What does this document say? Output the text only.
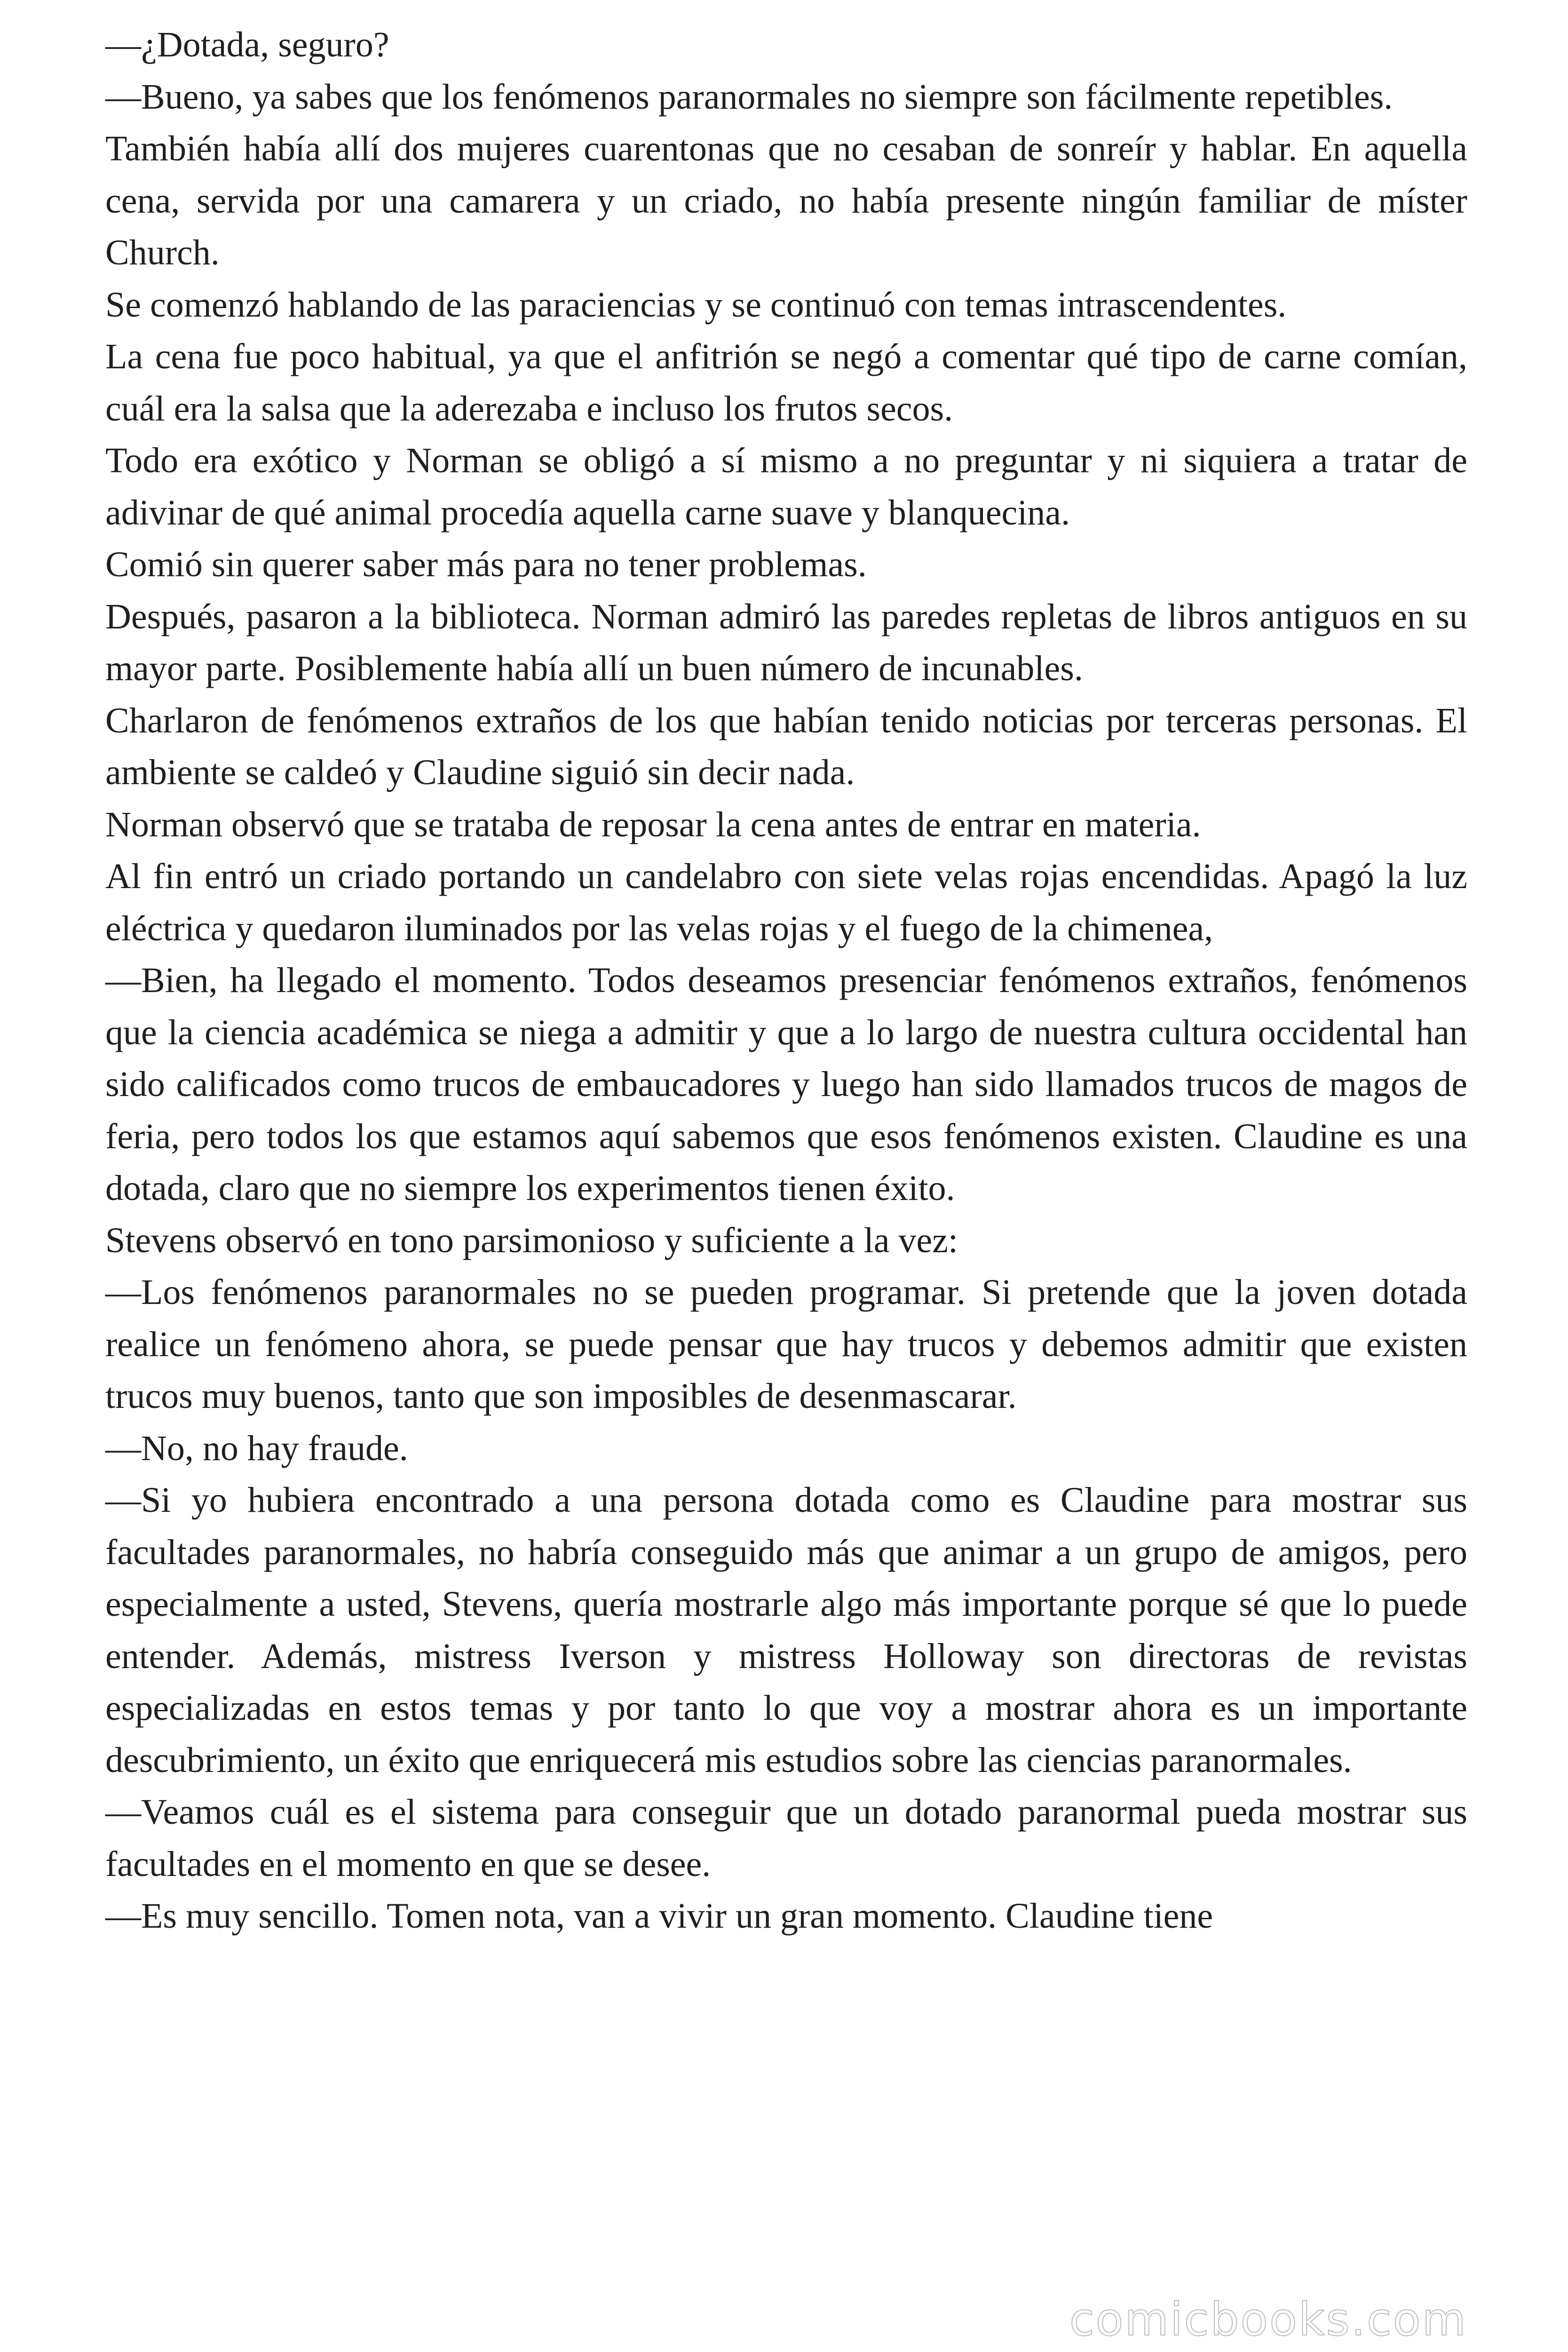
—¿Dotada, seguro?

—Bueno, ya sabes que los fenómenos paranormales no siempre son fácilmente repetibles.

También había allí dos mujeres cuarentonas que no cesaban de sonreír y hablar. En aquella cena, servida por una camarera y un criado, no había presente ningún familiar de míster Church.

Se comenzó hablando de las paraciencias y se continuó con temas intrascendentes.

La cena fue poco habitual, ya que el anfitrión se negó a comentar qué tipo de carne comían, cuál era la salsa que la aderezaba e incluso los frutos secos.

Todo era exótico y Norman se obligó a sí mismo a no preguntar y ni siquiera a tratar de adivinar de qué animal procedía aquella carne suave y blanquecina.

Comió sin querer saber más para no tener problemas.

Después, pasaron a la biblioteca. Norman admiró las paredes repletas de libros antiguos en su mayor parte. Posiblemente había allí un buen número de incunables.

Charlaron de fenómenos extraños de los que habían tenido noticias por terceras personas. El ambiente se caldeó y Claudine siguió sin decir nada.

Norman observó que se trataba de reposar la cena antes de entrar en materia.

Al fin entró un criado portando un candelabro con siete velas rojas encendidas. Apagó la luz eléctrica y quedaron iluminados por las velas rojas y el fuego de la chimenea,

—Bien, ha llegado el momento. Todos deseamos presenciar fenómenos extraños, fenómenos que la ciencia académica se niega a admitir y que a lo largo de nuestra cultura occidental han sido calificados como trucos de embaucadores y luego han sido llamados trucos de magos de feria, pero todos los que estamos aquí sabemos que esos fenómenos existen. Claudine es una dotada, claro que no siempre los experimentos tienen éxito.

Stevens observó en tono parsimonioso y suficiente a la vez:

—Los fenómenos paranormales no se pueden programar. Si pretende que la joven dotada realice un fenómeno ahora, se puede pensar que hay trucos y debemos admitir que existen trucos muy buenos, tanto que son imposibles de desenmascarar.

—No, no hay fraude.

—Si yo hubiera encontrado a una persona dotada como es Claudine para mostrar sus facultades paranormales, no habría conseguido más que animar a un grupo de amigos, pero especialmente a usted, Stevens, quería mostrarle algo más importante porque sé que lo puede entender. Además, mistress Iverson y mistress Holloway son directoras de revistas especializadas en estos temas y por tanto lo que voy a mostrar ahora es un importante descubrimiento, un éxito que enriquecerá mis estudios sobre las ciencias paranormales.

—Veamos cuál es el sistema para conseguir que un dotado paranormal pueda mostrar sus facultades en el momento en que se desee.

—Es muy sencillo. Tomen nota, van a vivir un gran momento. Claudine tiene

comicbooks.com
